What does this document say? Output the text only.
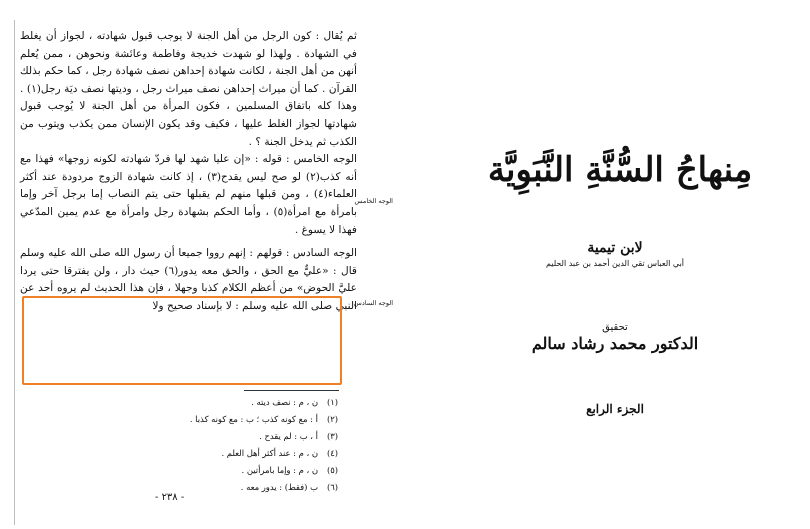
ثم يُقال : كون الرجل من أهل الجنة لا يوجب قبول شهادته ، لجواز أن يغلط في الشهادة . ولهذا لو شهدت خديجة وفاطمة وعائشة ونحوهن ، ممن يُعلم أنهن من أهل الجنة ، لكانت شهادة إحداهن نصف شهادة رجل ، كما حكم بذلك القرآن . كما أن ميراث إحداهن نصف ميراث رجل ، وديتها نصف ديَة رجل(١) . وهذا كله باتفاق المسلمين ، فكون المرأة من أهل الجنة لا يُوجب قبول شهادتها لجواز الغلط عليها ، فكيف وقد يكون الإنسان ممن يكذب ويتوب من الكذب ثم يدخل الجنة ؟ .

الوجه الخامس : قوله : «إن عليا شهد لها فردّ شهادته لكونه زوجها» فهذا مع أنه كذب(٢) لو صح ليس يقدح(٣) ، إذ كانت شهادة الزوج مردودة عند أكثر العلماء(٤) ، ومن قبلها منهم لم يقبلها حتى يتم النصاب إما برجل آخر وإما بامرأة مع امرأة(٥) ، وأما الحكم بشهادة رجل وامرأة مع عدم يمين المدّعي فهذا لا يسوغ .

الوجه السادس : قولهم : إنهم رووا جميعا أن رسول الله صلى الله عليه وسلم قال : «عليٌّ مع الحق ، والحق معه يدور(٦) حيث دار ، ولن يفترقا حتى يردا عليَّ الحوض» من أعظم الكلام كذبا وجهلا ، فإن هذا الحديث لم يروه أحد عن النبي صلى الله عليه وسلم : لا بإسناد صحيح ولا

الوجه الخامس
الوجه السادس
(١)ن ، م : نصف ديته .
(٢)أ : مع كونه كذب ؛ ب : مع كونه كذبا .
(٣)أ ، ب : لم يقدح .
(٤)ن ، م : عند أكثر أهل العلم .
(٥)ن ، م : وإما بامرأتين .
(٦)ب (فقط) : يدور معه .
- ٢٣٨ -
مِنهاجُ السُّنَّةِ النَّبَوِيَّة
لابن تيمية
أبي العباس تقي الدين أحمد بن عبد الحليم
تحقيق
الدكتور محمد رشاد سالم
الجزء الرابع
